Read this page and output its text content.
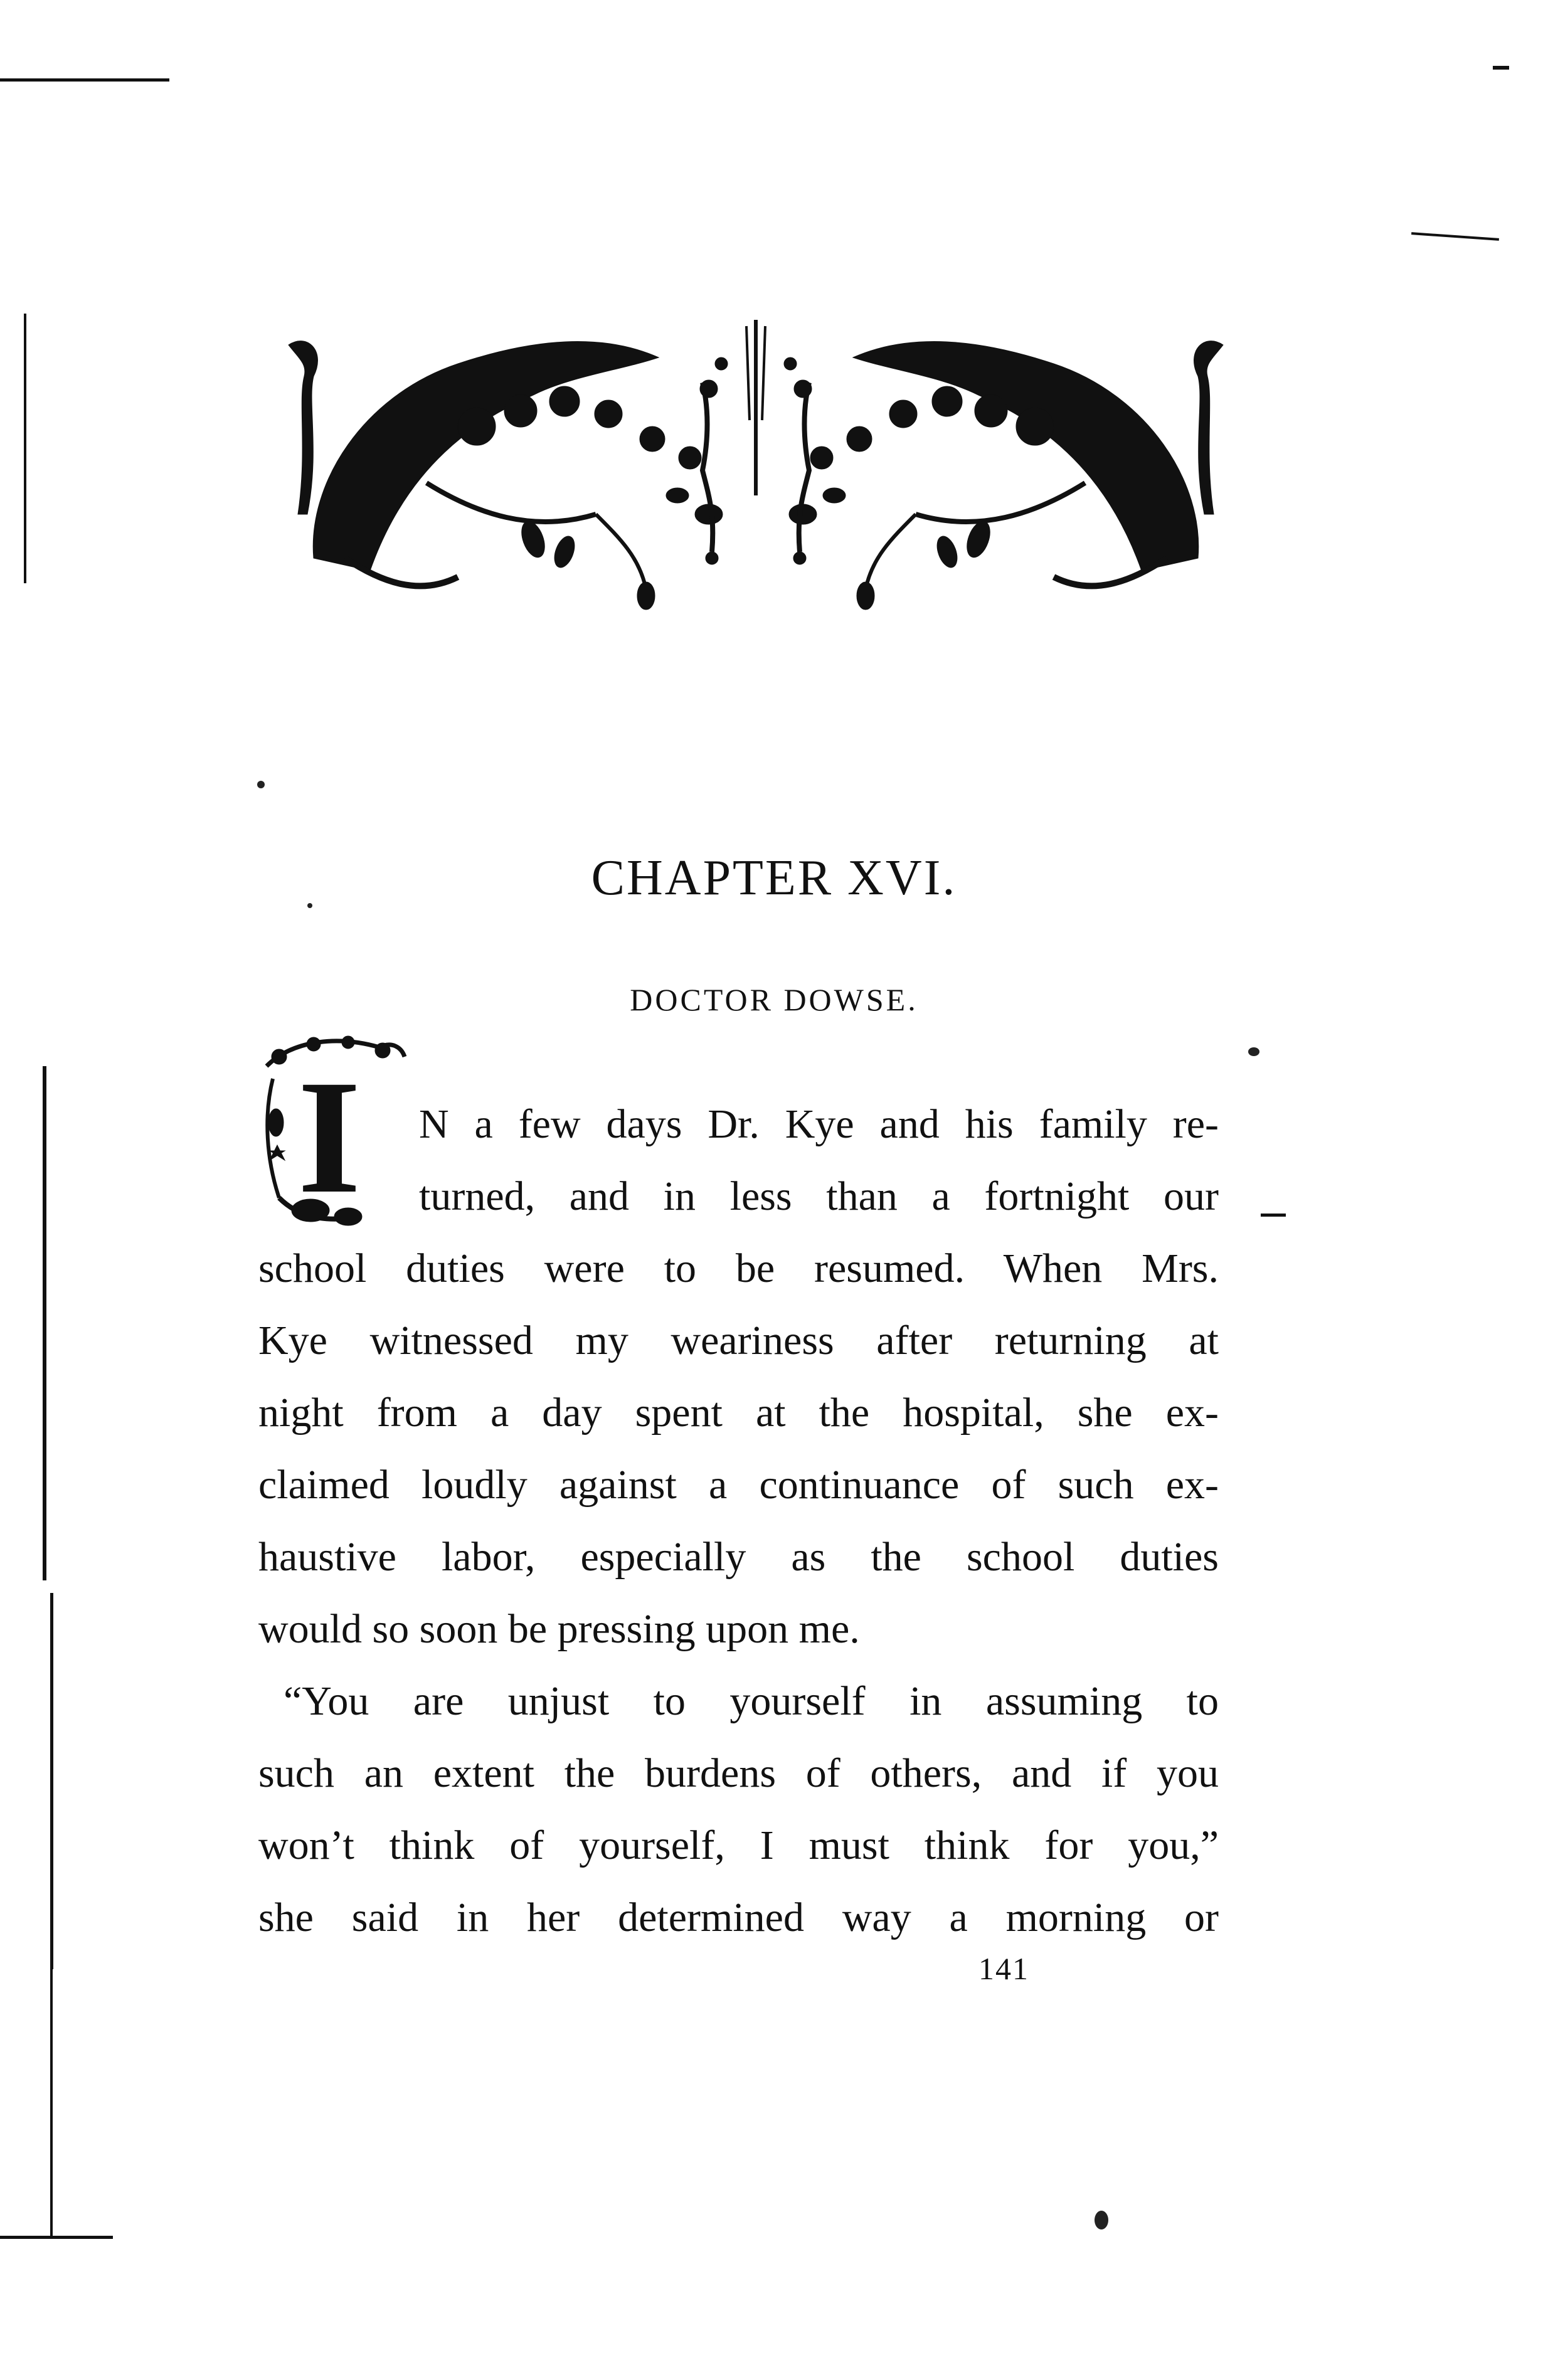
CHAPTER XVI.
DOCTOR DOWSE.
I N a few days Dr. Kye and his family re-
turned, and in less than a fortnight our
school duties were to be resumed. When Mrs.
Kye witnessed my weariness after returning at
night from a day spent at the hospital, she ex-
claimed loudly against a continuance of such ex-
haustive labor, especially as the school duties
would so soon be pressing upon me.
“You are unjust to yourself in assuming to
such an extent the burdens of others, and if you
won’t think of yourself, I must think for you,”
she said in her determined way a morning or
141
